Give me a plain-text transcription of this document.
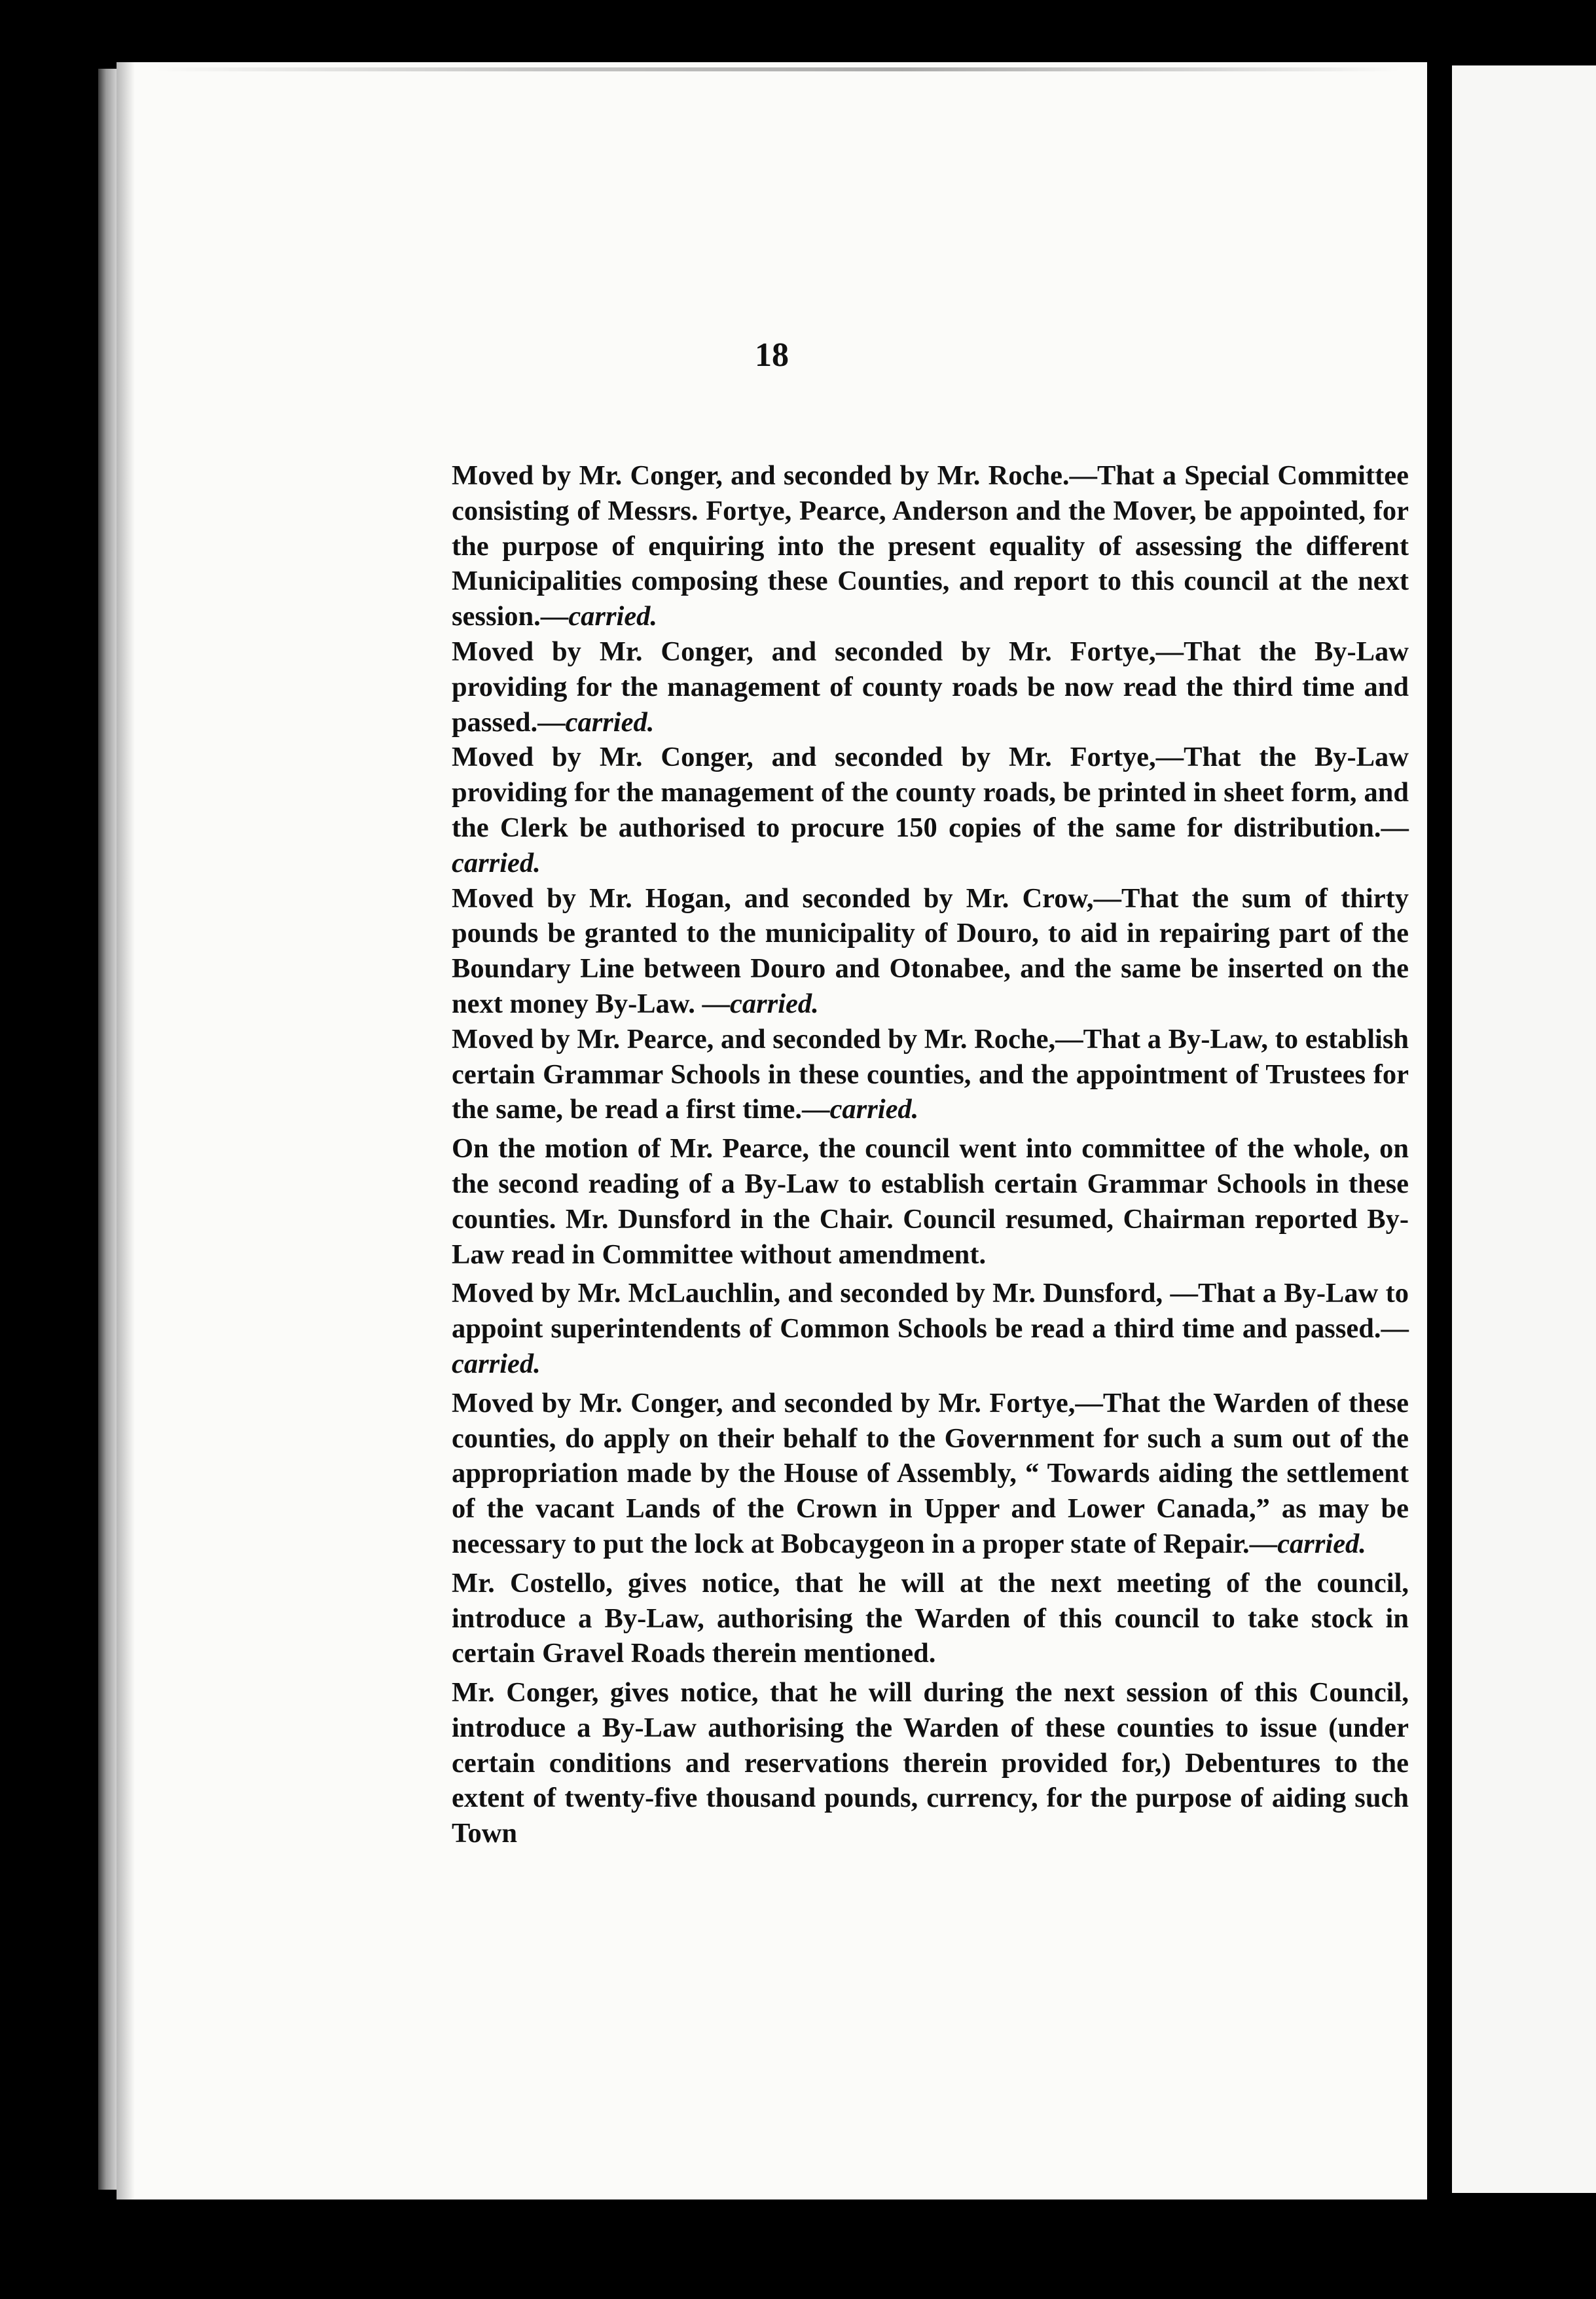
18

Moved by Mr. Conger, and seconded by Mr. Roche.—That a Special Committee consisting of Messrs. Fortye, Pearce, Anderson and the Mover, be appointed, for the purpose of enquiring into the present equality of assessing the different Municipalities composing these Counties, and report to this council at the next session.—carried.

Moved by Mr. Conger, and seconded by Mr. Fortye,—That the By-Law providing for the management of county roads be now read the third time and passed.—carried.

Moved by Mr. Conger, and seconded by Mr. Fortye,—That the By-Law providing for the management of the county roads, be printed in sheet form, and the Clerk be authorised to procure 150 copies of the same for distribution.—carried.

Moved by Mr. Hogan, and seconded by Mr. Crow,—That the sum of thirty pounds be granted to the municipality of Douro, to aid in repairing part of the Boundary Line between Douro and Otonabee, and the same be inserted on the next money By-Law. —carried.

Moved by Mr. Pearce, and seconded by Mr. Roche,—That a By-Law, to establish certain Grammar Schools in these counties, and the appointment of Trustees for the same, be read a first time.—carried.

On the motion of Mr. Pearce, the council went into committee of the whole, on the second reading of a By-Law to establish certain Grammar Schools in these counties. Mr. Dunsford in the Chair. Council resumed, Chairman reported By-Law read in Committee without amendment.

Moved by Mr. McLauchlin, and seconded by Mr. Dunsford, —That a By-Law to appoint superintendents of Common Schools be read a third time and passed.—carried.

Moved by Mr. Conger, and seconded by Mr. Fortye,—That the Warden of these counties, do apply on their behalf to the Government for such a sum out of the appropriation made by the House of Assembly, “ Towards aiding the settlement of the vacant Lands of the Crown in Upper and Lower Canada,” as may be necessary to put the lock at Bobcaygeon in a proper state of Repair.—carried.

Mr. Costello, gives notice, that he will at the next meeting of the council, introduce a By-Law, authorising the Warden of this council to take stock in certain Gravel Roads therein mentioned.

Mr. Conger, gives notice, that he will during the next session of this Council, introduce a By-Law authorising the Warden of these counties to issue (under certain conditions and reservations therein provided for,) Debentures to the extent of twenty-five thousand pounds, currency, for the purpose of aiding such Town
